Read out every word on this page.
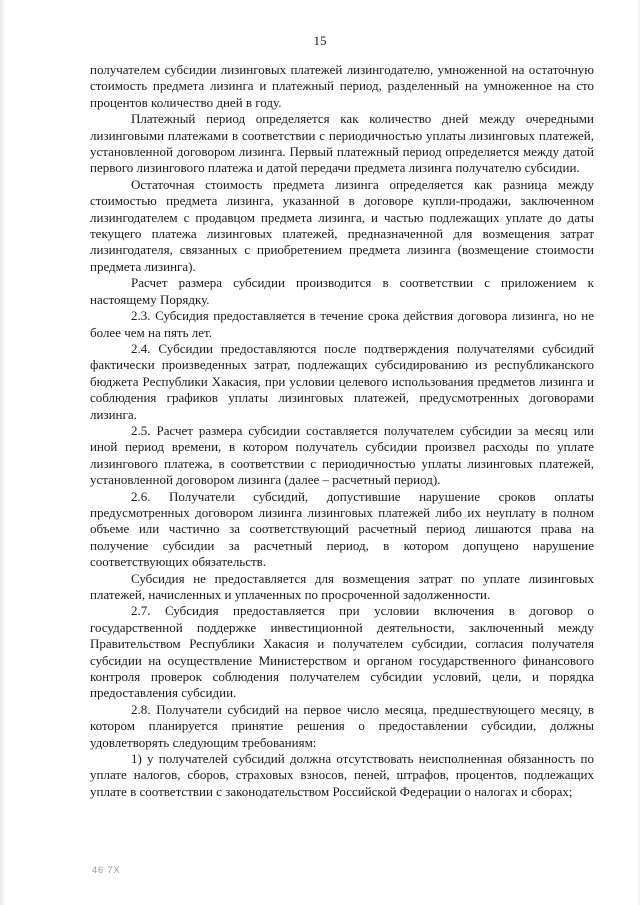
15

получателем субсидии лизинговых платежей лизингодателю, умноженной на остаточную стоимость предмета лизинга и платежный период, разделенный на умноженное на сто процентов количество дней в году.

Платежный период определяется как количество дней между очередными лизинговыми платежами в соответствии с периодичностью уплаты лизинговых платежей, установленной договором лизинга. Первый платежный период определяется между датой первого лизингового платежа и датой передачи предмета лизинга получателю субсидии.

Остаточная стоимость предмета лизинга определяется как разница между стоимостью предмета лизинга, указанной в договоре купли-продажи, заключенном лизингодателем с продавцом предмета лизинга, и частью подлежащих уплате до даты текущего платежа лизинговых платежей, предназначенной для возмещения затрат лизингодателя, связанных с приобретением предмета лизинга (возмещение стоимости предмета лизинга).

Расчет размера субсидии производится в соответствии с приложением к настоящему Порядку.

2.3. Субсидия предоставляется в течение срока действия договора лизинга, но не более чем на пять лет.

2.4. Субсидии предоставляются после подтверждения получателями субсидий фактически произведенных затрат, подлежащих субсидированию из республиканского бюджета Республики Хакасия, при условии целевого использования предметов лизинга и соблюдения графиков уплаты лизинговых платежей, предусмотренных договорами лизинга.

2.5. Расчет размера субсидии составляется получателем субсидии за месяц или иной период времени, в котором получатель субсидии произвел расходы по уплате лизингового платежа, в соответствии с периодичностью уплаты лизинговых платежей, установленной договором лизинга (далее – расчетный период).

2.6. Получатели субсидий, допустившие нарушение сроков оплаты предусмотренных договором лизинга лизинговых платежей либо их неуплату в полном объеме или частично за соответствующий расчетный период лишаются права на получение субсидии за расчетный период, в котором допущено нарушение соответствующих обязательств.

Субсидия не предоставляется для возмещения затрат по уплате лизинговых платежей, начисленных и уплаченных по просроченной задолженности.

2.7. Субсидия предоставляется при условии включения в договор о государственной поддержке инвестиционной деятельности, заключенный между Правительством Республики Хакасия и получателем субсидии, согласия получателя субсидии на осуществление Министерством и органом государственного финансового контроля проверок соблюдения получателем субсидии условий, цели, и порядка предоставления субсидии.

2.8. Получатели субсидий на первое число месяца, предшествующего месяцу, в котором планируется принятие решения о предоставлении субсидии, должны удовлетворять следующим требованиям:

1) у получателей субсидий должна отсутствовать неисполненная обязанность по уплате налогов, сборов, страховых взносов, пеней, штрафов, процентов, подлежащих уплате в соответствии с законодательством Российской Федерации о налогах и сборах;

46 7X
